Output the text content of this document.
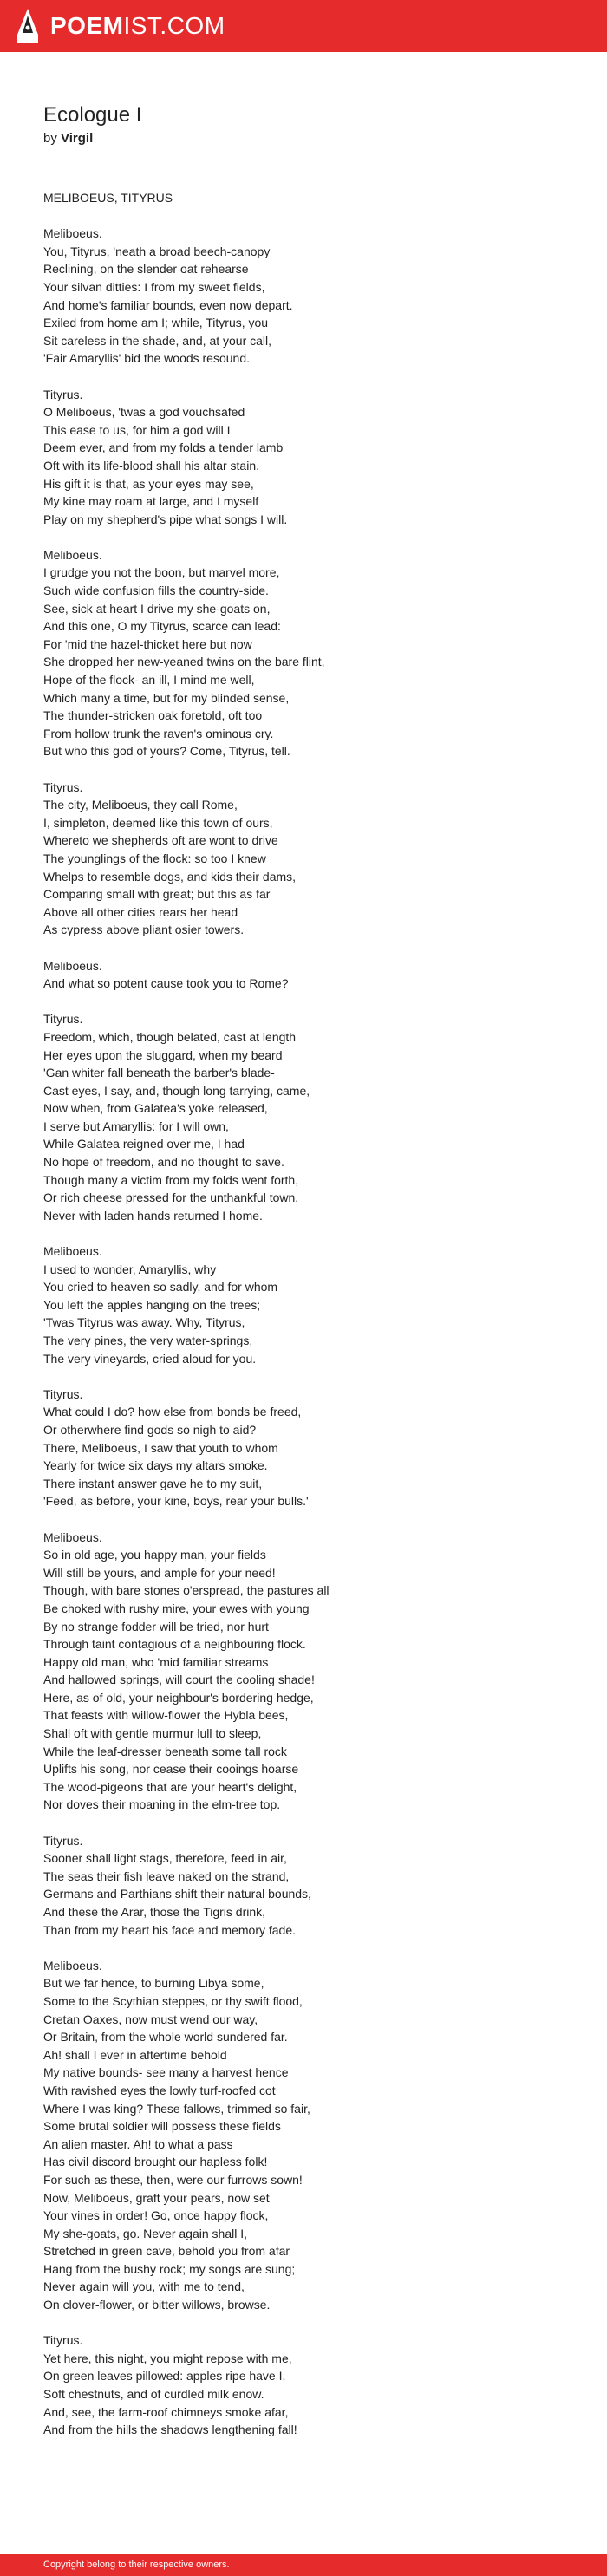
POEMIST.COM
Ecologue I

by Virgil

MELIBOEUS, TITYRUS
Meliboeus.
You, Tityrus, 'neath a broad beech-canopy
Reclining, on the slender oat rehearse
Your silvan ditties: I from my sweet fields,
And home's familiar bounds, even now depart.
Exiled from home am I; while, Tityrus, you
Sit careless in the shade, and, at your call,
'Fair Amaryllis' bid the woods resound.
Tityrus.
O Meliboeus, 'twas a god vouchsafed
This ease to us, for him a god will I
Deem ever, and from my folds a tender lamb
Oft with its life-blood shall his altar stain.
His gift it is that, as your eyes may see,
My kine may roam at large, and I myself
Play on my shepherd's pipe what songs I will.
Meliboeus.
I grudge you not the boon, but marvel more,
Such wide confusion fills the country-side.
See, sick at heart I drive my she-goats on,
And this one, O my Tityrus, scarce can lead:
For 'mid the hazel-thicket here but now
She dropped her new-yeaned twins on the bare flint,
Hope of the flock- an ill, I mind me well,
Which many a time, but for my blinded sense,
The thunder-stricken oak foretold, oft too
From hollow trunk the raven's ominous cry.
But who this god of yours? Come, Tityrus, tell.
Tityrus.
The city, Meliboeus, they call Rome,
I, simpleton, deemed like this town of ours,
Whereto we shepherds oft are wont to drive
The younglings of the flock: so too I knew
Whelps to resemble dogs, and kids their dams,
Comparing small with great; but this as far
Above all other cities rears her head
As cypress above pliant osier towers.
Meliboeus.
And what so potent cause took you to Rome?
Tityrus.
Freedom, which, though belated, cast at length
Her eyes upon the sluggard, when my beard
'Gan whiter fall beneath the barber's blade-
Cast eyes, I say, and, though long tarrying, came,
Now when, from Galatea's yoke released,
I serve but Amaryllis: for I will own,
While Galatea reigned over me, I had
No hope of freedom, and no thought to save.
Though many a victim from my folds went forth,
Or rich cheese pressed for the unthankful town,
Never with laden hands returned I home.
Meliboeus.
I used to wonder, Amaryllis, why
You cried to heaven so sadly, and for whom
You left the apples hanging on the trees;
'Twas Tityrus was away. Why, Tityrus,
The very pines, the very water-springs,
The very vineyards, cried aloud for you.
Tityrus.
What could I do? how else from bonds be freed,
Or otherwhere find gods so nigh to aid?
There, Meliboeus, I saw that youth to whom
Yearly for twice six days my altars smoke.
There instant answer gave he to my suit,
'Feed, as before, your kine, boys, rear your bulls.'
Meliboeus.
So in old age, you happy man, your fields
Will still be yours, and ample for your need!
Though, with bare stones o'erspread, the pastures all
Be choked with rushy mire, your ewes with young
By no strange fodder will be tried, nor hurt
Through taint contagious of a neighbouring flock.
Happy old man, who 'mid familiar streams
And hallowed springs, will court the cooling shade!
Here, as of old, your neighbour's bordering hedge,
That feasts with willow-flower the Hybla bees,
Shall oft with gentle murmur lull to sleep,
While the leaf-dresser beneath some tall rock
Uplifts his song, nor cease their cooings hoarse
The wood-pigeons that are your heart's delight,
Nor doves their moaning in the elm-tree top.
Tityrus.
Sooner shall light stags, therefore, feed in air,
The seas their fish leave naked on the strand,
Germans and Parthians shift their natural bounds,
And these the Arar, those the Tigris drink,
Than from my heart his face and memory fade.
Meliboeus.
But we far hence, to burning Libya some,
Some to the Scythian steppes, or thy swift flood,
Cretan Oaxes, now must wend our way,
Or Britain, from the whole world sundered far.
Ah! shall I ever in aftertime behold
My native bounds- see many a harvest hence
With ravished eyes the lowly turf-roofed cot
Where I was king? These fallows, trimmed so fair,
Some brutal soldier will possess these fields
An alien master. Ah! to what a pass
Has civil discord brought our hapless folk!
For such as these, then, were our furrows sown!
Now, Meliboeus, graft your pears, now set
Your vines in order! Go, once happy flock,
My she-goats, go. Never again shall I,
Stretched in green cave, behold you from afar
Hang from the bushy rock; my songs are sung;
Never again will you, with me to tend,
On clover-flower, or bitter willows, browse.
Tityrus.
Yet here, this night, you might repose with me,
On green leaves pillowed: apples ripe have I,
Soft chestnuts, and of curdled milk enow.
And, see, the farm-roof chimneys smoke afar,
And from the hills the shadows lengthening fall!
Copyright belong to their respective owners.
